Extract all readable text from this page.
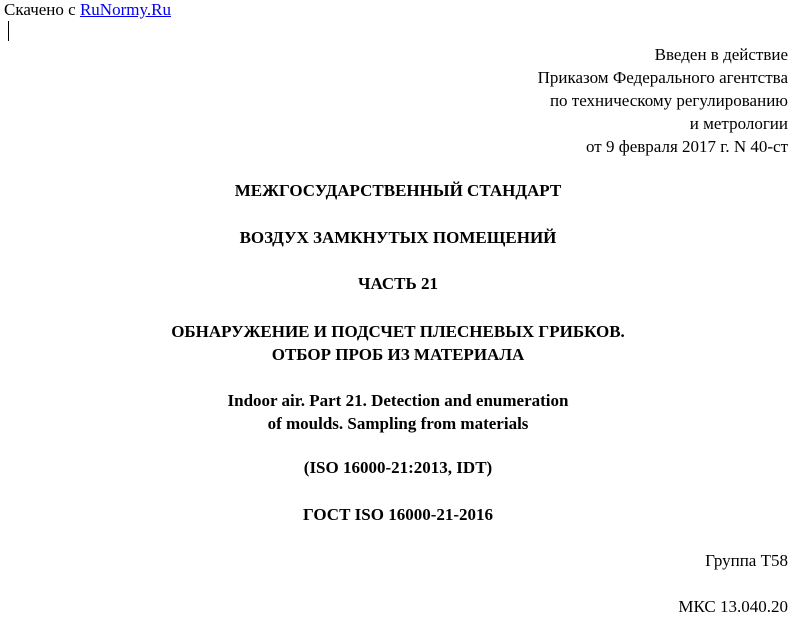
Скачено с RuNormy.Ru
Введен в действие
Приказом Федерального агентства
по техническому регулированию
и метрологии
от 9 февраля 2017 г. N 40-ст
МЕЖГОСУДАРСТВЕННЫЙ СТАНДАРТ
ВОЗДУХ ЗАМКНУТЫХ ПОМЕЩЕНИЙ
ЧАСТЬ 21
ОБНАРУЖЕНИЕ И ПОДСЧЕТ ПЛЕСНЕВЫХ ГРИБКОВ.
ОТБОР ПРОБ ИЗ МАТЕРИАЛА
Indoor air. Part 21. Detection and enumeration
of moulds. Sampling from materials
(ISO 16000-21:2013, IDT)
ГОСТ ISO 16000-21-2016
Группа Т58
МКС 13.040.20
